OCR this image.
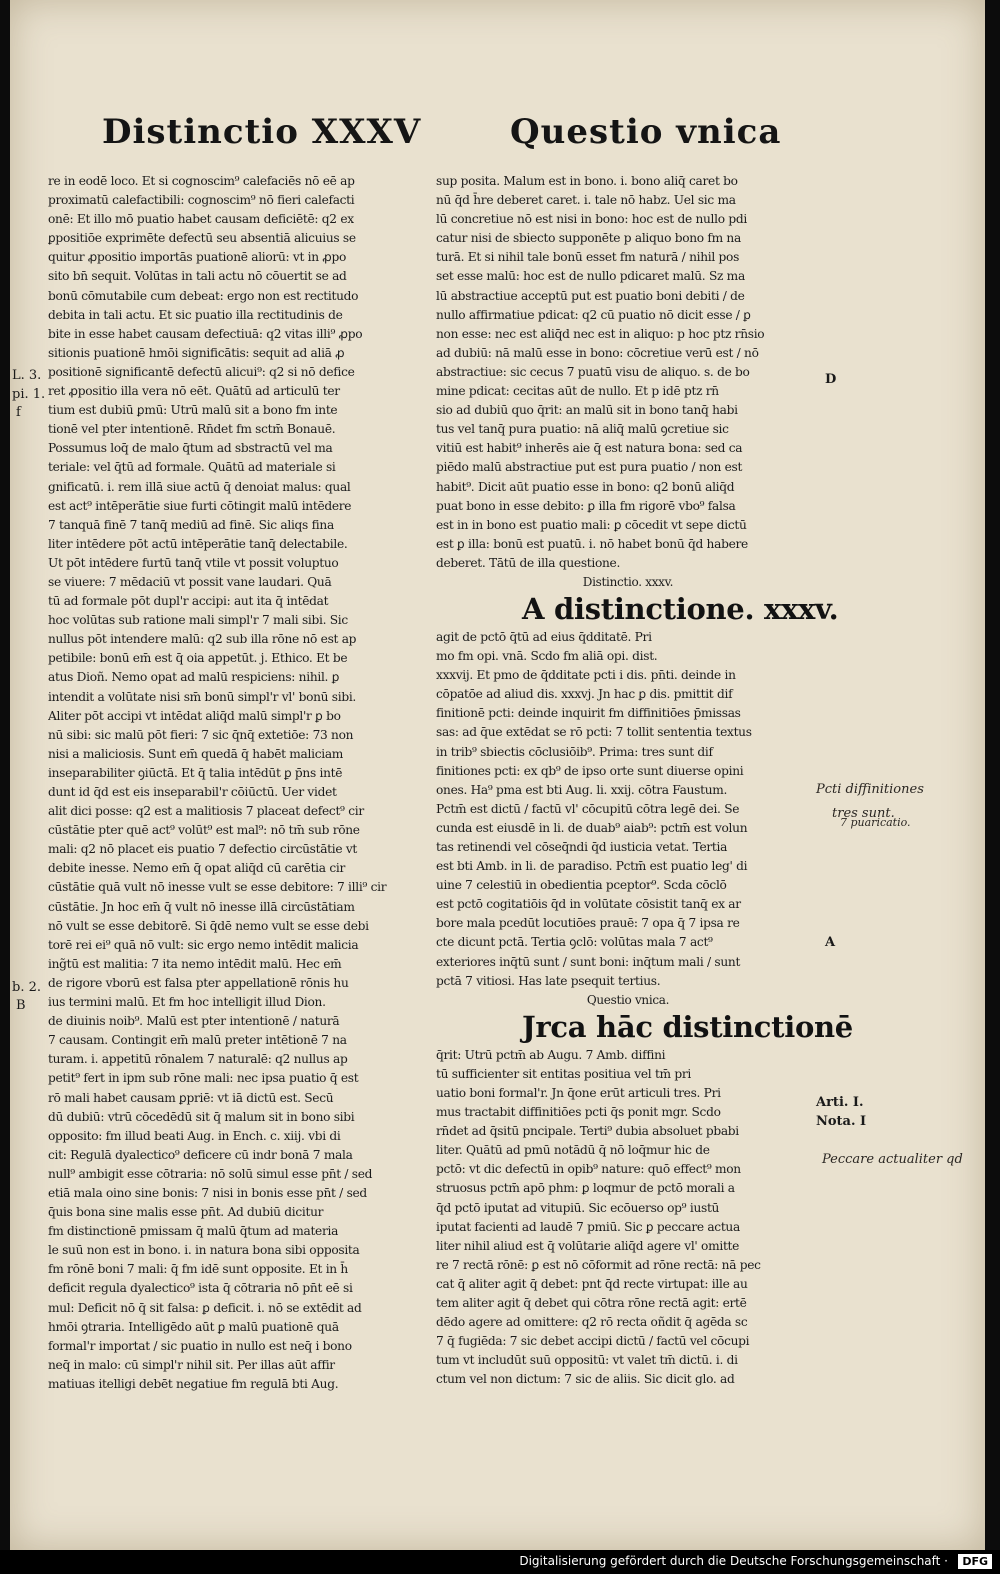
Distinctio XXXV	Questio vnica
re in eodē loco. Et si cognoscim⁹ calefaciēs nō eē ap
proximatū calefactibili: cognoscim⁹ nō fieri calefacti
onē: Et illo mō puatio habet causam deficiētē: q2 ex
ꝑpositiōe exprimēte defectū seu absentiā alicuius se
quitur ꝓpositio importās puationē aliorū: vt in ꝓpo
sito bn̄ sequit. Volūtas in tali actu nō cōuertit se ad
bonū cōmutabile cum debeat: ergo non est rectitudo
debita in tali actu. Et sic puatio illa rectitudinis de
bite in esse habet causam defectiuā: q2 vitas illi⁹ ꝓpo
sitionis puationē hmōi significātis: sequit ad aliā ꝓ
positionē significantē defectū alicui⁹: q2 si nō defice
ret ꝓpositio illa vera nō eēt. Quātū ad articulū ter
tium est dubiū ꝑmū: Utrū malū sit a bono fm inte
tionē vel pter intentionē. Rn̄det fm sctm̄ Bonauē.
Possumus loq̄ de malo q̄tum ad sbstractū vel ma
teriale: vel q̄tū ad formale. Quātū ad materiale si
gnificatū. i. rem illā siue actū q̄ denoiat malus: qual
est act⁹ intēperātie siue furti cōtingit malū intēdere
7 tanquā finē 7 tanq̄ mediū ad finē. Sic aliqs fina
liter intēdere pōt actū intēperātie tanq̄ delectabile.
Ut pōt intēdere furtū tanq̄ vtile vt possit voluptuo
se viuere: 7 mēdaciū vt possit vane laudari. Quā
tū ad formale pōt dupl'r accipi: aut ita q̄ intēdat
hoc volūtas sub ratione mali simpl'r 7 mali sibi. Sic
nullus pōt intendere malū: q2 sub illa rōne nō est ap
petibile: bonū em̄ est q̄ oia appetūt. j. Ethico. Et be
atus Dioñ. Nemo opat ad malū respiciens: nihil. ꝑ
intendit a volūtate nisi sm̄ bonū simpl'r vl' bonū sibi.
Aliter pōt accipi vt intēdat aliq̄d malū simpl'r ꝑ bo
nū sibi: sic malū pōt fieri: 7 sic q̄nq̄ extetiōe: 73 non
nisi a maliciosis. Sunt em̄ quedā q̄ habēt maliciam
inseparabiliter ꝯiūctā. Et q̄ talia intēdūt ꝑ p̄ns intē
dunt id q̄d est eis inseparabil'r cōiūctū. Uer videt
alit dici posse: q2 est a malitiosis 7 placeat defect⁹ cir
cūstātie pter quē act⁹ volūt⁹ est mal⁹: nō tm̄ sub rōne
mali: q2 nō placet eis puatio 7 defectio circūstātie vt
debite inesse. Nemo em̄ q̄ opat aliq̄d cū carētia cir
cūstātie quā vult nō inesse vult se esse debitore: 7 illi⁹ cir
cūstātie. Jn hoc em̄ q̄ vult nō inesse illā circūstātiam
nō vult se esse debitorē. Si q̄dē nemo vult se esse debi
torē rei ei⁹ quā nō vult: sic ergo nemo intēdit malicia
ing̃tū est malitia: 7 ita nemo intēdit malū. Hec em̄
de rigore vborū est falsa pter appellationē rōnis hu
ius termini malū. Et fm hoc intelligit illud Dion.
de diuinis noib⁹. Malū est pter intentionē / naturā
7 causam. Contingit em̄ malū preter intētionē 7 na
turam. i. appetitū rōnalem 7 naturalē: q2 nullus ap
petit⁹ fert in ipm sub rōne mali: nec ipsa puatio q̄ est
rō mali habet causam ꝑpriē: vt iā dictū est. Secū
dū dubiū: vtrū cōcedēdū sit q̄ malum sit in bono sibi
opposito: fm illud beati Aug. in Ench. c. xiij. vbi di
cit: Regulā dyalectico⁹ deficere cū indr bonā 7 mala
null⁹ ambigit esse cōtraria: nō solū simul esse pn̄t / sed
etiā mala oino sine bonis: 7 nisi in bonis esse pn̄t / sed
q̄uis bona sine malis esse pn̄t. Ad dubiū dicitur
fm distinctionē pmissam q̄ malū q̄tum ad materia
le suū non est in bono. i. in natura bona sibi opposita
fm rōnē boni 7 mali: q̄ fm idē sunt opposite. Et in h̄
deficit regula dyalectico⁹ ista q̄ cōtraria nō pn̄t eē si
mul: Deficit nō q̄ sit falsa: ꝑ deficit. i. nō se extēdit ad
hmōi ꝯtraria. Intelligēdo aūt ꝑ malū puationē quā
formal'r importat / sic puatio in nullo est neq̄ i bono
neq̄ in malo: cū simpl'r nihil sit. Per illas aūt affir
matiuas itelligi debēt negatiue fm regulā bti Aug.
sup posita. Malum est in bono. i. bono aliq̄ caret bo
nū q̄d h̄re deberet caret. i. tale nō habz. Uel sic ma
lū concretiue nō est nisi in bono: hoc est de nullo pdi
catur nisi de sbiecto supponēte p aliquo bono fm na
turā. Et si nihil tale bonū esset fm naturā / nihil pos
set esse malū: hoc est de nullo pdicaret malū. Sz ma
lū abstractiue acceptū put est puatio boni debiti / de
nullo affirmatiue pdicat: q2 cū puatio nō dicit esse / ꝑ
non esse: nec est aliq̄d nec est in aliquo: p hoc ptz rn̄sio
ad dubiū: nā malū esse in bono: cōcretiue verū est / nō
abstractiue: sic cecus 7 puatū visu de aliquo. s. de bo
mine pdicat: cecitas aūt de nullo. Et p idē ptz rn̄
sio ad dubiū quo q̄rit: an malū sit in bono tanq̄ habi
tus vel tanq̄ pura puatio: nā aliq̄ malū ꝯcretiue sic
vitiū est habit⁹ inherēs aie q̄ est natura bona: sed ca
piēdo malū abstractiue put est pura puatio / non est
habit⁹. Dicit aūt puatio esse in bono: q2 bonū aliq̄d
puat bono in esse debito: ꝑ illa fm rigorē vbo⁹ falsa
est in in bono est puatio mali: ꝑ cōcedit vt sepe dictū
est ꝑ illa: bonū est puatū. i. nō habet bonū q̄d habere
deberet. Tātū de illa questione.
Distinctio. xxxv.
A distinctione. xxxv.
agit de pctō q̄tū ad eius q̄dditatē. Pri
mo fm opi. vnā. Scdo fm aliā opi. dist.
xxxvij. Et pmo de q̄dditate pcti i dis. pn̄ti. deinde in
cōpatōe ad aliud dis. xxxvj. Jn hac ꝑ dis. pmittit dif
finitionē pcti: deinde inquirit fm diffinitiōes p̄missas
sas: ad q̄ue extēdat se rō pcti: 7 tollit sententia textus
in trib⁹ sbiectis cōclusiōib⁹. Prima: tres sunt dif
finitiones pcti: ex qb⁹ de ipso orte sunt diuerse opini
ones. Ha⁹ pma est bti Aug. li. xxij. cōtra Faustum.
Pctm̄ est dictū / factū vl' cōcupitū cōtra legē dei. Se
cunda est eiusdē in li. de duab⁹ aiab⁹: pctm̄ est volun
tas retinendi vel cōseq̄ndi q̄d iusticia vetat. Tertia
est bti Amb. in li. de paradiso. Pctm̄ est puatio leg' di
uine 7 celestiū in obedientia pceptor⁹. Scda cōclō
est pctō cogitatiōis q̄d in volūtate cōsistit tanq̄ ex ar
bore mala pcedūt locutiōes prauē: 7 opa q̄ 7 ipsa re
cte dicunt pctā. Tertia ꝯclō: volūtas mala 7 act⁹
exteriores inq̄tū sunt / sunt boni: inq̄tum mali / sunt
pctā 7 vitiosi. Has late psequit tertius.
Questio vnica.
Jrca hāc distinctionē
q̄rit: Utrū pctm̄ ab Augu. 7 Amb. diffini
tū sufficienter sit entitas positiua vel tm̄ pri
uatio boni formal'r. Jn q̄one erūt articuli tres. Pri
mus tractabit diffinitiōes pcti q̄s ponit mgr. Scdo
rn̄det ad q̄sitū pncipale. Terti⁹ dubia absoluet pbabi
liter. Quātū ad pmū notādū q̄ nō loq̄mur hic de
pctō: vt dic defectū in opib⁹ nature: quō effect⁹ mon
struosus pctm̄ apō phm: ꝑ loqmur de pctō morali a
q̄d pctō iputat ad vitupiū. Sic ecōuerso op⁹ iustū
iputat facienti ad laudē 7 pmiū. Sic ꝑ peccare actua
liter nihil aliud est q̄ volūtarie aliq̄d agere vl' omitte
re 7 rectā rōnē: ꝑ est nō cōformit ad rōne rectā: nā pec
cat q̄ aliter agit q̄ debet: pnt q̄d recte virtupat: ille au
tem aliter agit q̄ debet qui cōtra rōne rectā agit: ertē
dēdo agere ad omittere: q2 rō recta oñdit q̄ agēda sc
7 q̄ fugiēda: 7 sic debet accipi dictū / factū vel cōcupi
tum vt includūt suū oppositū: vt valet tm̄ dictū. i. di
ctum vel non dictum: 7 sic de aliis. Sic dicit glo. ad
L. 3.
pi. 1.
f
b. 2.
B
D
A
Arti. I.
Nota. I
Pcti diffinitiones
tres sunt.
7 puaricatio.
Peccare actualiter qd
Digitalisierung gefördert durch die Deutsche Forschungsgemeinschaft ·	DFG
